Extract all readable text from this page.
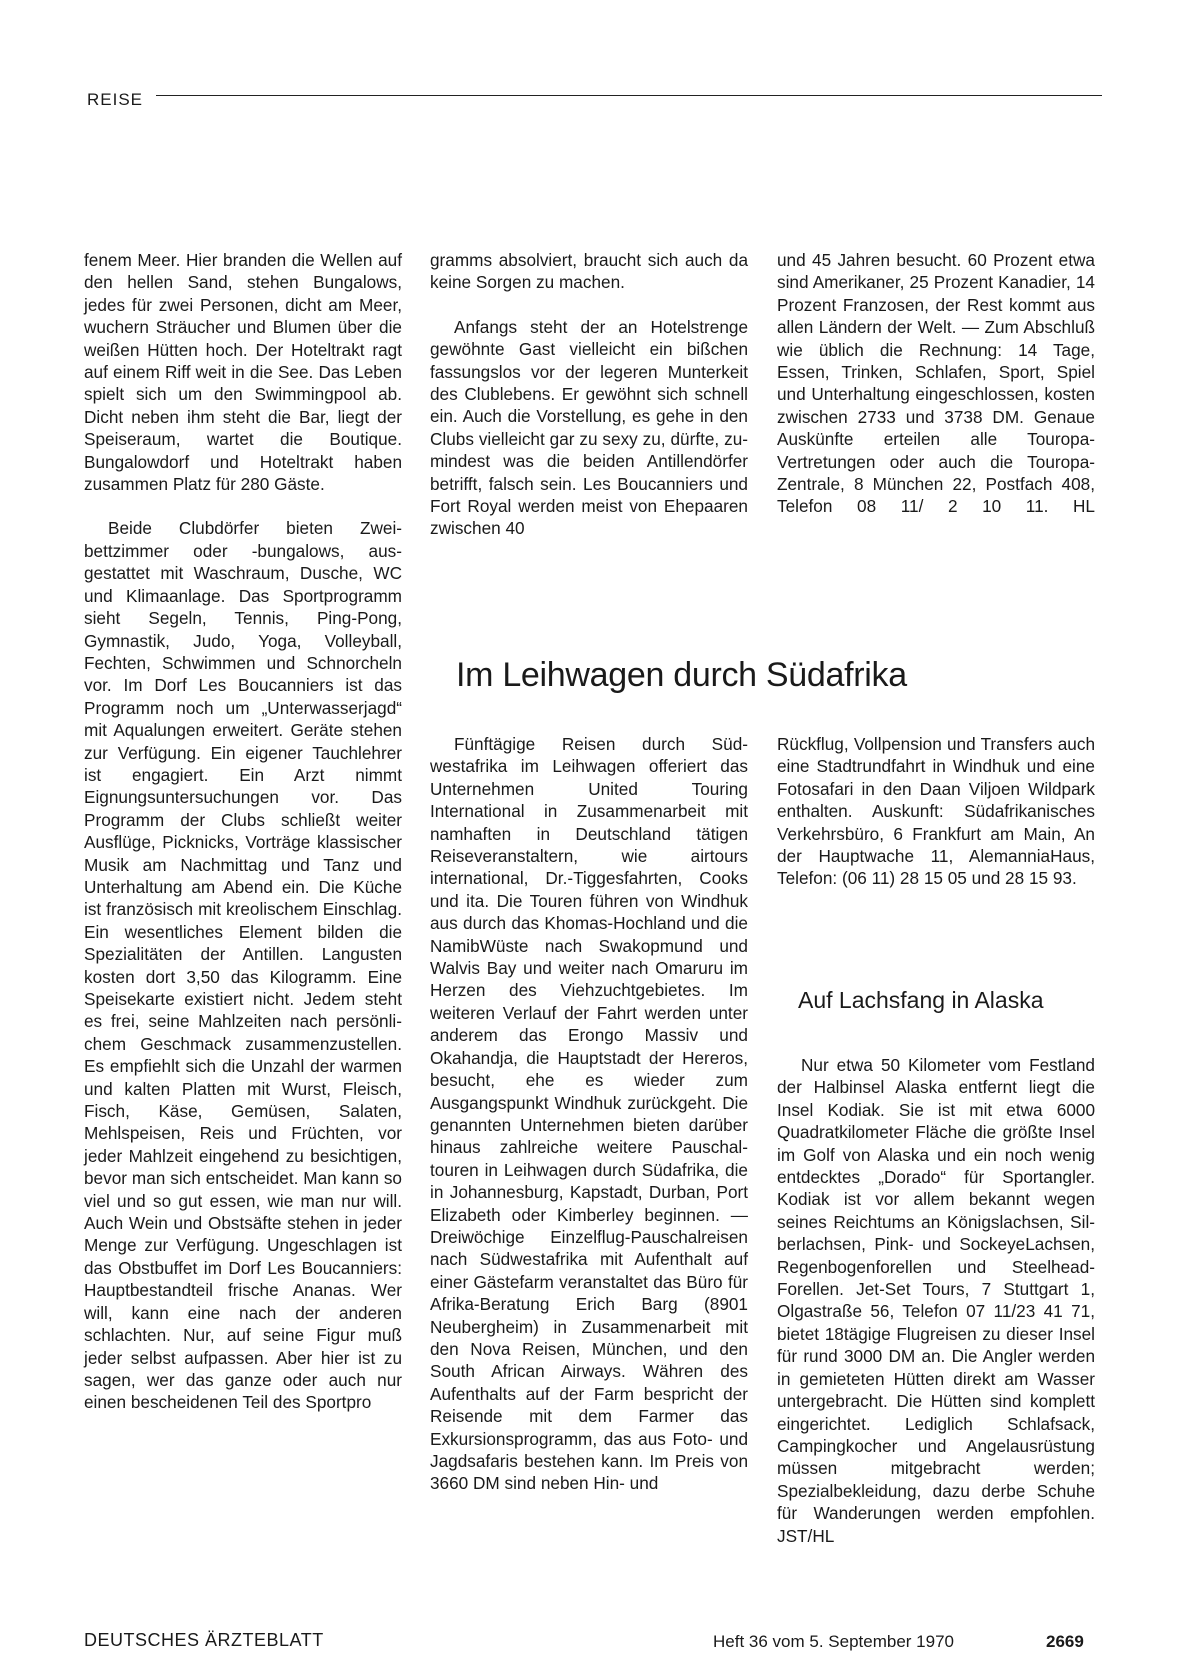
REISE

fenem Meer. Hier branden die Wellen auf den hellen Sand, stehen Bungalows, jedes für zwei Personen, dicht am Meer, wuchern Sträucher und Blumen über die weißen Hütten hoch. Der Hoteltrakt ragt auf einem Riff weit in die See. Das Leben spielt sich um den Swimmingpool ab. Dicht neben ihm steht die Bar, liegt der Speiseraum, wartet die Boutique. Bungalowdorf und Hoteltrakt haben zusammen Platz für 280 Gäste.

Beide Clubdörfer bieten Zweibettzimmer oder -bungalows, ausgestattet mit Waschraum, Dusche, WC und Klimaanlage. Das Sportprogramm sieht Segeln, Tennis, Ping-Pong, Gymnastik, Judo, Yoga, Volleyball, Fechten, Schwimmen und Schnorcheln vor. Im Dorf Les Boucanniers ist das Programm noch um „Unterwasserjagd“ mit Aqualungen erweitert. Geräte stehen zur Verfügung. Ein eigener Tauchlehrer ist engagiert. Ein Arzt nimmt Eignungsuntersuchungen vor. Das Programm der Clubs schließt weiter Ausflüge, Picknicks, Vorträge klassischer Musik am Nachmittag und Tanz und Unterhaltung am Abend ein. Die Küche ist französisch mit kreolischem Einschlag. Ein wesentliches Element bilden die Spezialitäten der Antillen. Langusten kosten dort 3,50 das Kilogramm. Eine Speisekarte existiert nicht. Jedem steht es frei, seine Mahlzeiten nach persönlichem Geschmack zusammenzustellen. Es empfiehlt sich die Unzahl der warmen und kalten Platten mit Wurst, Fleisch, Fisch, Käse, Gemüsen, Salaten, Mehlspeisen, Reis und Früchten, vor jeder Mahlzeit eingehend zu besichtigen, bevor man sich entscheidet. Man kann so viel und so gut essen, wie man nur will. Auch Wein und Obstsäfte stehen in jeder Menge zur Verfügung. Ungeschlagen ist das Obstbuffet im Dorf Les Boucanniers: Hauptbestandteil frische Ananas. Wer will, kann eine nach der anderen schlachten. Nur, auf seine Figur muß jeder selbst aufpassen. Aber hier ist zu sagen, wer das ganze oder auch nur einen bescheidenen Teil des Sportpro

gramms absolviert, braucht sich auch da keine Sorgen zu machen.

Anfangs steht der an Hotelstrenge gewöhnte Gast vielleicht ein bißchen fassungslos vor der legeren Munterkeit des Clublebens. Er gewöhnt sich schnell ein. Auch die Vorstellung, es gehe in den Clubs vielleicht gar zu sexy zu, dürfte, zumindest was die beiden Antillendörfer betrifft, falsch sein. Les Boucanniers und Fort Royal werden meist von Ehepaaren zwischen 40

und 45 Jahren besucht. 60 Prozent etwa sind Amerikaner, 25 Prozent Kanadier, 14 Prozent Franzosen, der Rest kommt aus allen Ländern der Welt. — Zum Abschluß wie üblich die Rechnung: 14 Tage, Essen, Trinken, Schlafen, Sport, Spiel und Unterhaltung eingeschlossen, kosten zwischen 2733 und 3738 DM. Genaue Auskünfte erteilen alle Touropa-Vertretungen oder auch die Touropa-Zentrale, 8 München 22, Postfach 408, Telefon 08 11/ 2 10 11. HL

Im Leihwagen durch Südafrika

Fünftägige Reisen durch Südwestafrika im Leihwagen offeriert das Unternehmen United Touring International in Zusammenarbeit mit namhaften in Deutschland tätigen Reiseveranstaltern, wie airtours international, Dr.-Tiggesfahrten, Cooks und ita. Die Touren führen von Windhuk aus durch das Khomas-Hochland und die NamibWüste nach Swakopmund und Walvis Bay und weiter nach Omaruru im Herzen des Viehzuchtgebietes. Im weiteren Verlauf der Fahrt werden unter anderem das Erongo Massiv und Okahandja, die Hauptstadt der Hereros, besucht, ehe es wieder zum Ausgangspunkt Windhuk zurückgeht. Die genannten Unternehmen bieten darüber hinaus zahlreiche weitere Pauschaltouren in Leihwagen durch Südafrika, die in Johannesburg, Kapstadt, Durban, Port Elizabeth oder Kimberley beginnen. — Dreiwöchige Einzelflug-Pauschalreisen nach Südwestafrika mit Aufenthalt auf einer Gästefarm veranstaltet das Büro für Afrika-Beratung Erich Barg (8901 Neubergheim) in Zusammenarbeit mit den Nova Reisen, München, und den South African Airways. Währen des Aufenthalts auf der Farm bespricht der Reisende mit dem Farmer das Exkursionsprogramm, das aus Foto- und Jagdsafaris bestehen kann. Im Preis von 3660 DM sind neben Hin- und

Rückflug, Vollpension und Transfers auch eine Stadtrundfahrt in Windhuk und eine Fotosafari in den Daan Viljoen Wildpark enthalten. Auskunft: Südafrikanisches Verkehrsbüro, 6 Frankfurt am Main, An der Hauptwache 11, AlemanniaHaus, Telefon: (06 11) 28 15 05 und 28 15 93.

Auf Lachsfang in Alaska

Nur etwa 50 Kilometer vom Festland der Halbinsel Alaska entfernt liegt die Insel Kodiak. Sie ist mit etwa 6000 Quadratkilometer Fläche die größte Insel im Golf von Alaska und ein noch wenig entdecktes „Dorado“ für Sportangler. Kodiak ist vor allem bekannt wegen seines Reichtums an Königslachsen, Silberlachsen, Pink- und SockeyeLachsen, Regenbogenforellen und Steelhead-Forellen. Jet-Set Tours, 7 Stuttgart 1, Olgastraße 56, Telefon 07 11/23 41 71, bietet 18tägige Flugreisen zu dieser Insel für rund 3000 DM an. Die Angler werden in gemieteten Hütten direkt am Wasser untergebracht. Die Hütten sind komplett eingerichtet. Lediglich Schlafsack, Campingkocher und Angelausrüstung müssen mitgebracht werden; Spezialbekleidung, dazu derbe Schuhe für Wanderungen werden empfohlen. JST/HL

DEUTSCHES ÄRZTEBLATT	Heft 36 vom 5. September 1970	2669
